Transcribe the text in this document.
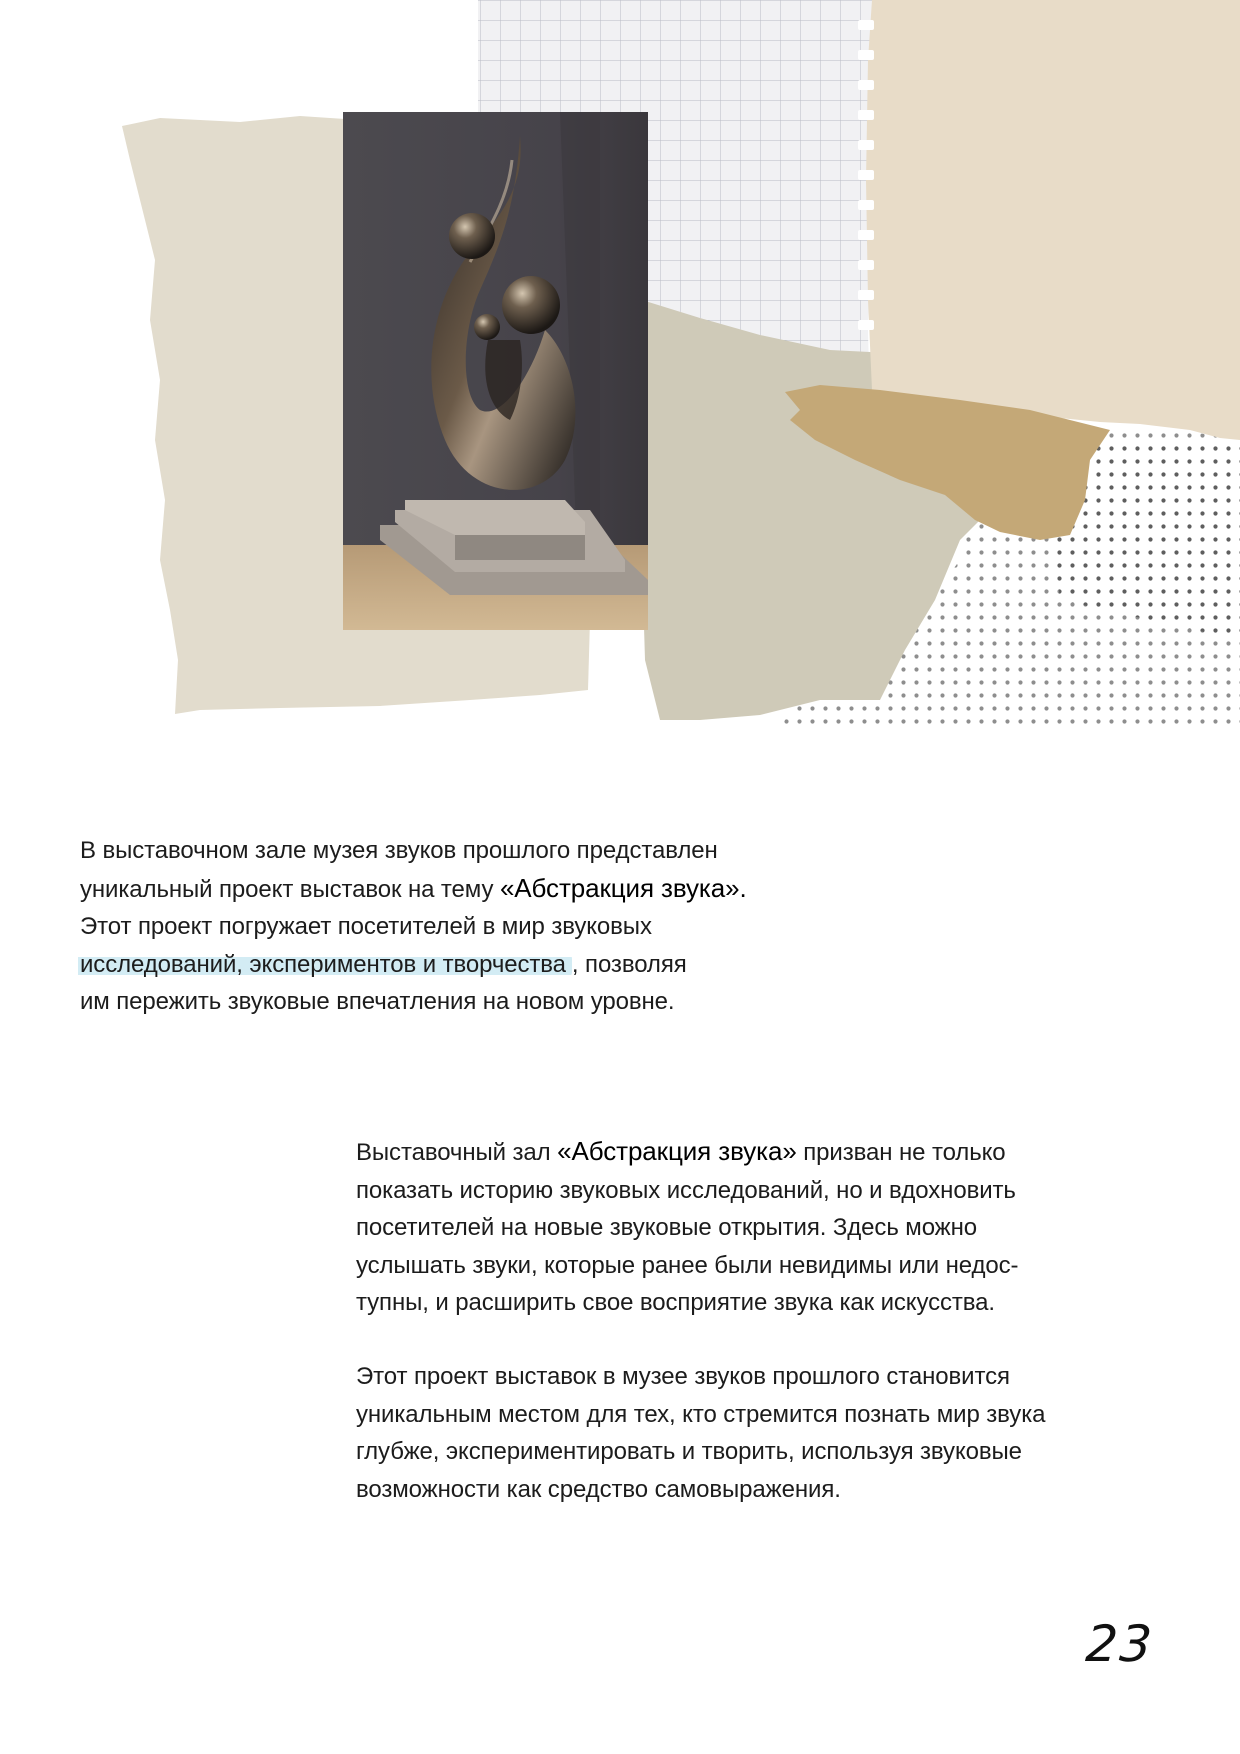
В выставочном зале музея звуков прошлого представлен
уникальный проект выставок на тему «Абстракция звука».
Этот проект погружает посетителей в мир звуковых
исследований, экспериментов и творчества , позволяя
им пережить звуковые впечатления на новом уровне.

Выставочный зал «Абстракция звука» призван не только
показать историю звуковых исследований, но и вдохновить
посетителей на новые звуковые открытия. Здесь можно
услышать звуки, которые ранее были невидимы или недос-
тупны, и расширить свое восприятие звука как искусства.

Этот проект выставок в музее звуков прошлого становится
уникальным местом для тех, кто стремится познать мир звука
глубже, экспериментировать и творить, используя звуковые
возможности как средство самовыражения.

23
